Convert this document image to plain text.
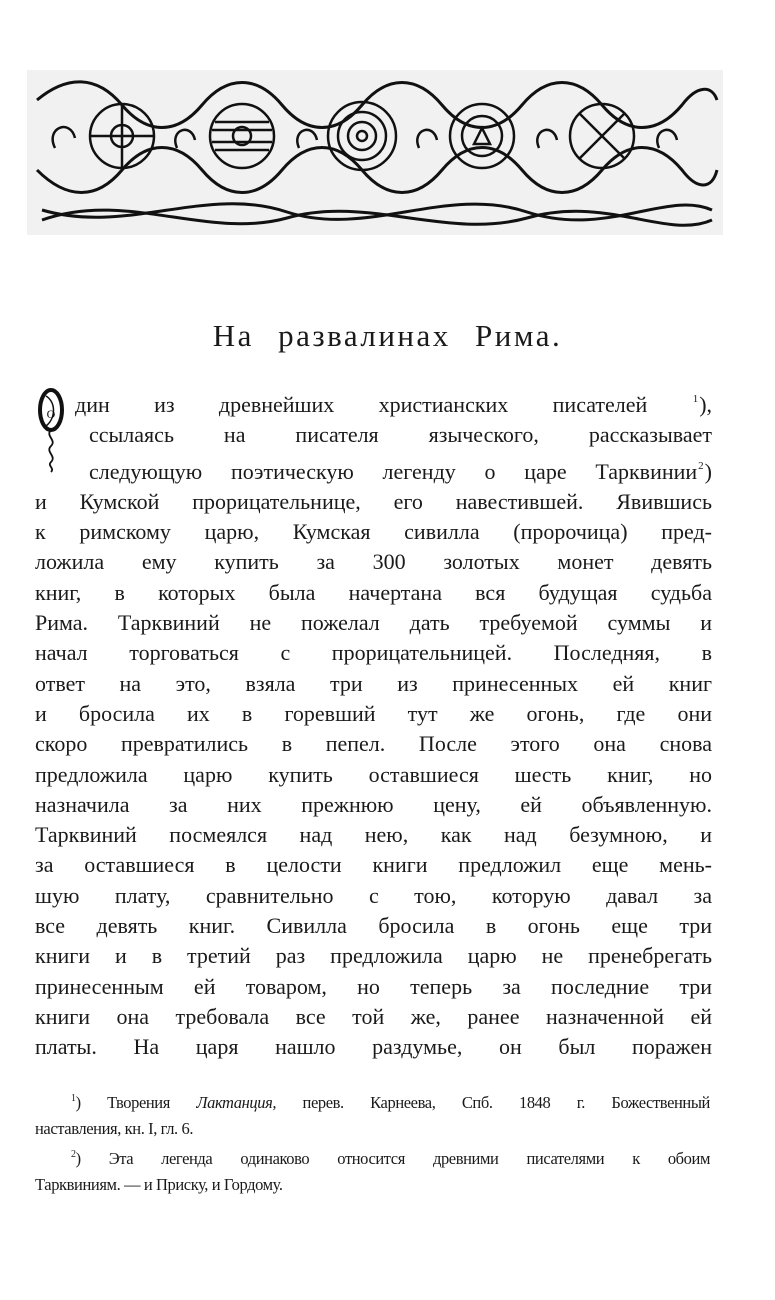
На развалинах Рима.
О дин из древнейших христианских писателей	$^1$),
ссылаясь на писателя языческого, рассказывает
следующую поэтическую легенду о царе Тарквинии$^2$)
и Кумской прорицательнице, его навестившей. Явившись
к римскому царю, Кумская сивилла (пророчица) пред-
ложила ему купить за 300 золотых монет девять
книг, в которых была начертана вся будущая судьба
Рима. Тарквиний не пожелал дать требуемой суммы и
начал торговаться с прорицательницей. Последняя, в
ответ на это, взяла три из принесенных ей книг
и бросила их в горевший тут же огонь, где они
скоро превратились в пепел. После этого она снова
предложила царю купить оставшиеся шесть книг, но
назначила за них прежнюю цену, ей объявленную.
Тарквиний посмеялся над нею, как над безумною, и
за оставшиеся в целости книги предложил еще мень-
шую плату, сравнительно с тою, которую давал за
все девять книг. Сивилла бросила в огонь еще три
книги и в третий раз предложила царю не пренебрегать
принесенным ей товаром, но теперь за последние три
книги она требовала все той же, ранее назначенной ей
платы. На царя нашло раздумье, он был поражен
$^1$) Творения Лактанция, перев. Карнеева, Спб. 1848 г. Божественный
наставления, кн. I, гл. 6.
$^2$) Эта легенда одинаково относится древними писателями к обоим
Тарквиниям. — и Приску, и Гордому.
